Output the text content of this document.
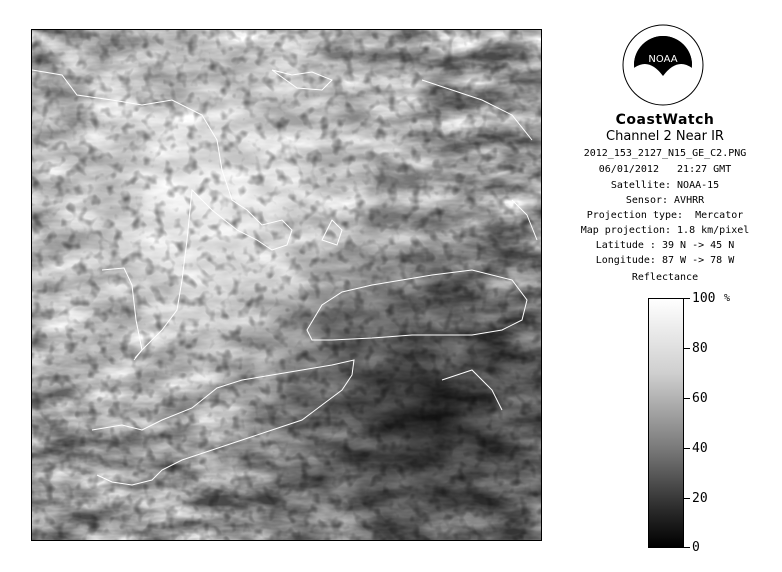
NOAA
CoastWatch
Channel 2 Near IR
2012_153_2127_N15_GE_C2.PNG
06/01/2012   21:27 GMT
Satellite: NOAA-15
Sensor: AVHRR
Projection type:  Mercator
Map projection: 1.8 km/pixel
Latitude : 39 N -> 45 N
Longitude: 87 W -> 78 W
Reflectance
%
100
80
60
40
20
0
